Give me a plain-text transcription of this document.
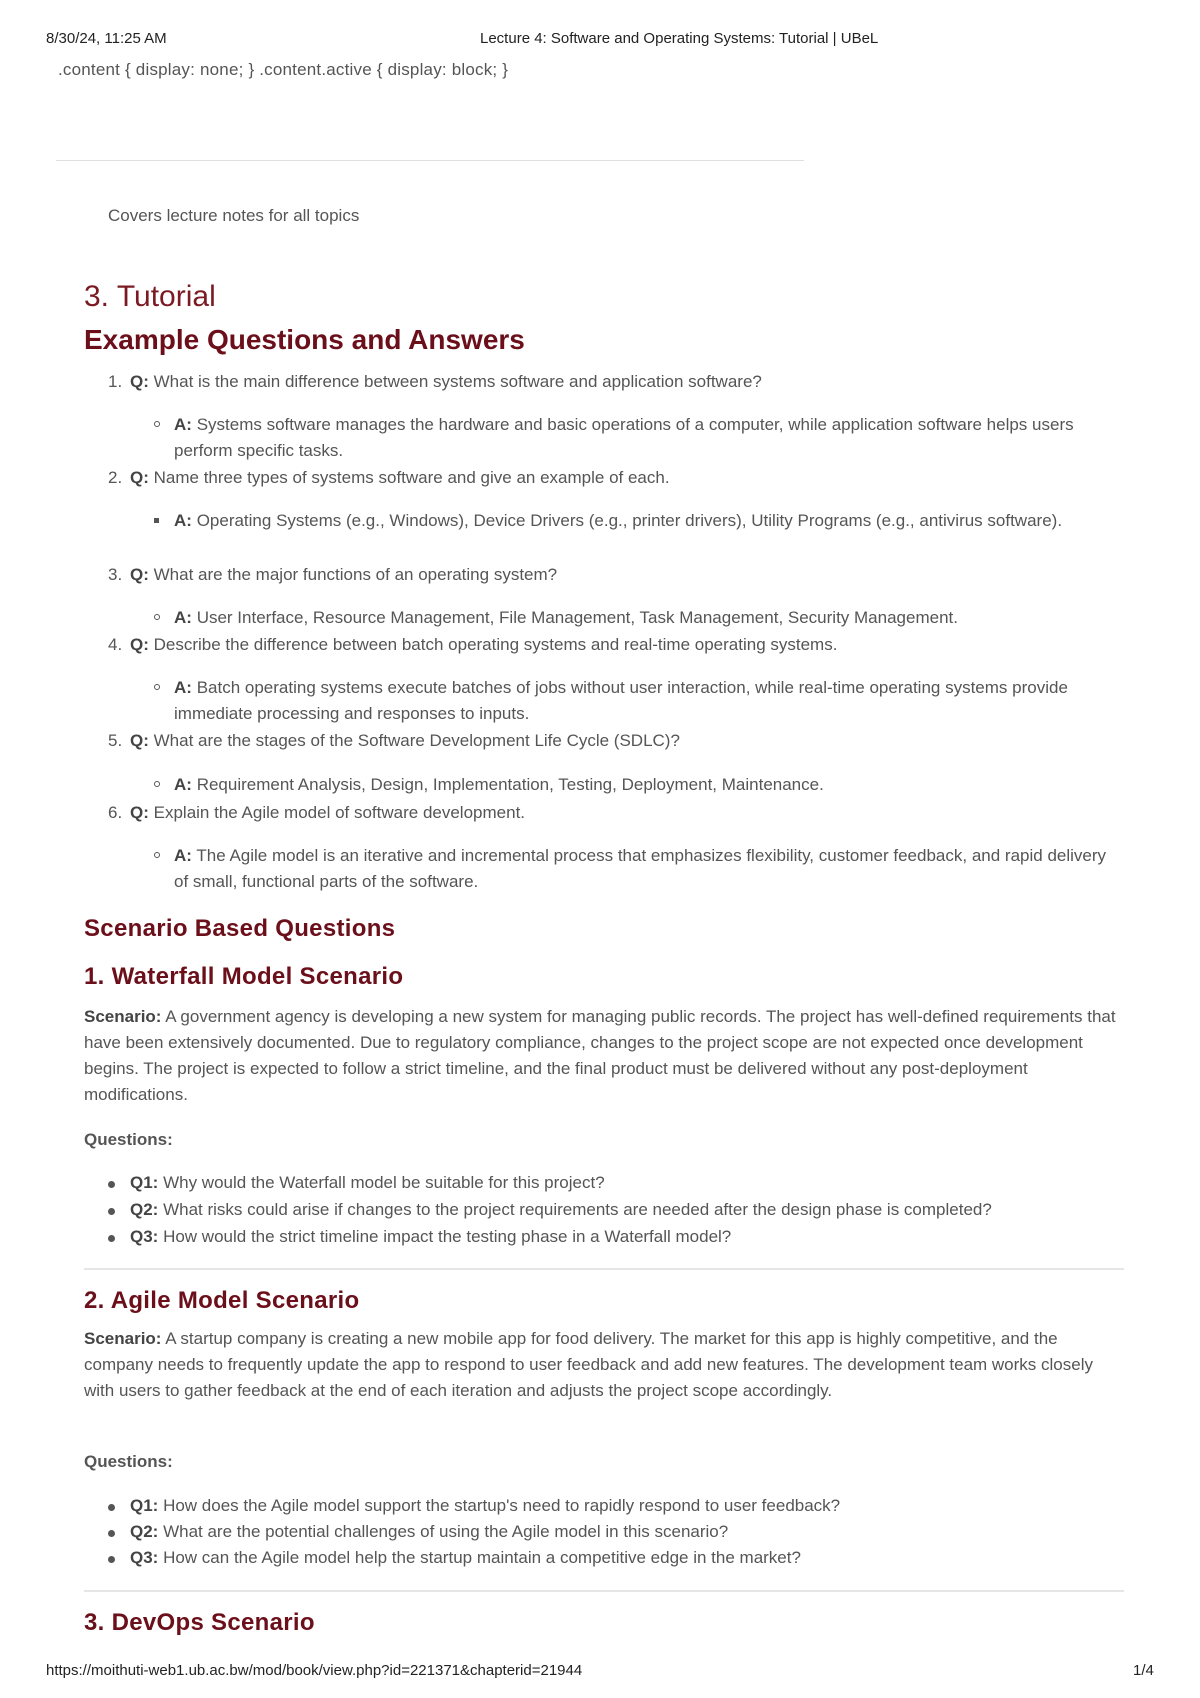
8/30/24, 11:25 AM	Lecture 4: Software and Operating Systems: Tutorial | UBeL
.content { display: none; } .content.active { display: block; }
Covers lecture notes for all topics
3. Tutorial
Example Questions and Answers
1. Q: What is the main difference between systems software and application software?
A: Systems software manages the hardware and basic operations of a computer, while application software helps users perform specific tasks.
2. Q: Name three types of systems software and give an example of each.
A: Operating Systems (e.g., Windows), Device Drivers (e.g., printer drivers), Utility Programs (e.g., antivirus software).
3. Q: What are the major functions of an operating system?
A: User Interface, Resource Management, File Management, Task Management, Security Management.
4. Q: Describe the difference between batch operating systems and real-time operating systems.
A: Batch operating systems execute batches of jobs without user interaction, while real-time operating systems provide immediate processing and responses to inputs.
5. Q: What are the stages of the Software Development Life Cycle (SDLC)?
A: Requirement Analysis, Design, Implementation, Testing, Deployment, Maintenance.
6. Q: Explain the Agile model of software development.
A: The Agile model is an iterative and incremental process that emphasizes flexibility, customer feedback, and rapid delivery of small, functional parts of the software.
Scenario Based Questions
1. Waterfall Model Scenario
Scenario: A government agency is developing a new system for managing public records. The project has well-defined requirements that have been extensively documented. Due to regulatory compliance, changes to the project scope are not expected once development begins. The project is expected to follow a strict timeline, and the final product must be delivered without any post-deployment modifications.
Questions:
Q1: Why would the Waterfall model be suitable for this project?
Q2: What risks could arise if changes to the project requirements are needed after the design phase is completed?
Q3: How would the strict timeline impact the testing phase in a Waterfall model?
2. Agile Model Scenario
Scenario: A startup company is creating a new mobile app for food delivery. The market for this app is highly competitive, and the company needs to frequently update the app to respond to user feedback and add new features. The development team works closely with users to gather feedback at the end of each iteration and adjusts the project scope accordingly.
Questions:
Q1: How does the Agile model support the startup's need to rapidly respond to user feedback?
Q2: What are the potential challenges of using the Agile model in this scenario?
Q3: How can the Agile model help the startup maintain a competitive edge in the market?
3. DevOps Scenario
https://moithuti-web1.ub.ac.bw/mod/book/view.php?id=221371&chapterid=21944	1/4
